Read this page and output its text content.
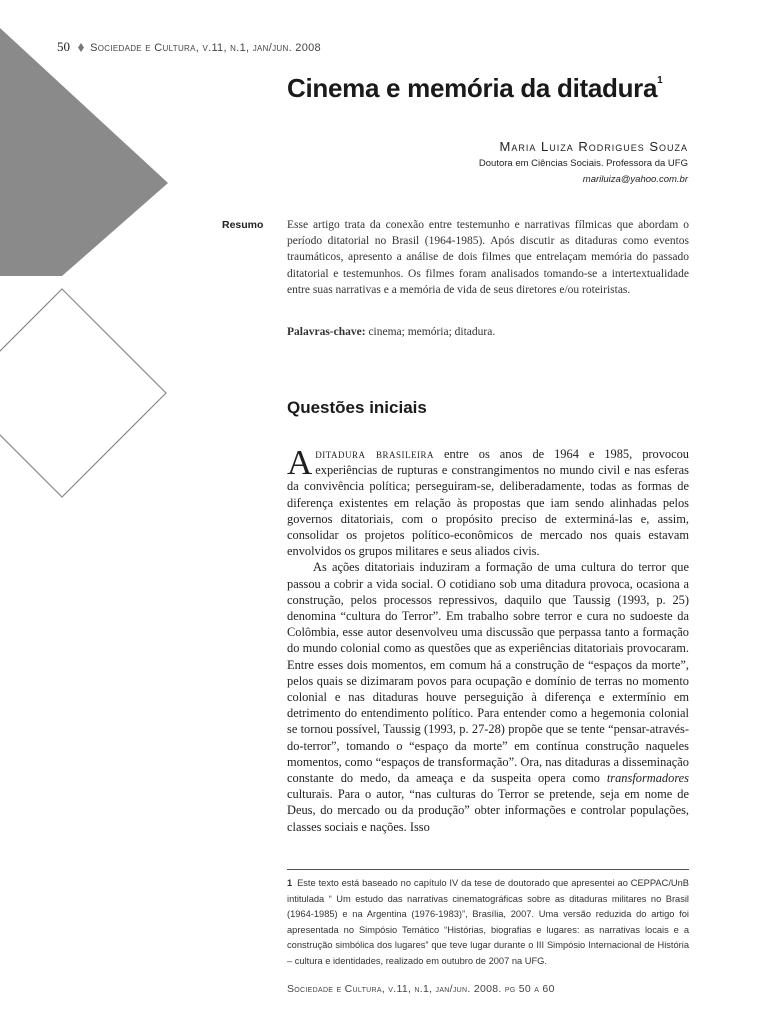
50 Sociedade e Cultura, v.11, n.1, jan/jun. 2008
Cinema e memória da ditadura$^1$
Maria Luiza Rodrigues Souza
Doutora em Ciências Sociais. Professora da UFG
mariluiza@yahoo.com.br
Resumo Esse artigo trata da conexão entre testemunho e narrativas fílmicas que abordam o período ditatorial no Brasil (1964-1985). Após discutir as ditaduras como eventos traumáticos, apresento a análise de dois filmes que entrelaçam memória do passado ditatorial e testemunhos. Os filmes foram analisados tomando-se a intertextualidade entre suas narrativas e a memória de vida de seus diretores e/ou roteiristas.

Palavras-chave: cinema; memória; ditadura.
Questões iniciais

Aditadura brasileira entre os anos de 1964 e 1985, provocou experiências de rupturas e constrangimentos no mundo civil e nas esferas da convivência política; perseguiram-se, deliberadamente, todas as formas de diferença existentes em relação às propostas que iam sendo alinhadas pelos governos ditatoriais, com o propósito preciso de exterminá-las e, assim, consolidar os projetos político-econômicos de mercado nos quais estavam envolvidos os grupos militares e seus aliados civis.

As ações ditatoriais induziram a formação de uma cultura do terror que passou a cobrir a vida social. O cotidiano sob uma ditadura provoca, ocasiona a construção, pelos processos repressivos, daquilo que Taussig (1993, p. 25) denomina “cultura do Terror”. Em trabalho sobre terror e cura no sudoeste da Colômbia, esse autor desenvolveu uma discussão que perpassa tanto a formação do mundo colonial como as questões que as experiências ditatoriais provocaram. Entre esses dois momentos, em comum há a construção de “espaços da morte”, pelos quais se dizimaram povos para ocupação e domínio de terras no momento colonial e nas ditaduras houve perseguição à diferença e extermínio em detrimento do entendimento político. Para entender como a hegemonia colonial se tornou possível, Taussig (1993, p. 27-28) propõe que se tente “pensar-através-do-terror”, tomando o “espaço da morte” em contínua construção naqueles momentos, como “espaços de transformação”. Ora, nas ditaduras a disseminação constante do medo, da ameaça e da suspeita opera como transformadores culturais. Para o autor, “nas culturas do Terror se pretende, seja em nome de Deus, do mercado ou da produção” obter informações e controlar populações, classes sociais e nações. Isso

1 Este texto está baseado no capítulo IV da tese de doutorado que apresentei ao CEPPAC/UnB intitulada “ Um estudo das narrativas cinematográficas sobre as ditaduras militares no Brasil (1964-1985) e na Argentina (1976-1983)”, Brasília, 2007. Uma versão reduzida do artigo foi apresentada no Simpósio Temático “Histórias, biografias e lugares: as narrativas locais e a construção simbólica dos lugares” que teve lugar durante o III Simpósio Internacional de História – cultura e identidades, realizado em outubro de 2007 na UFG.

Sociedade e Cultura, v.11, n.1, jan/jun. 2008. pg 50 a 60
